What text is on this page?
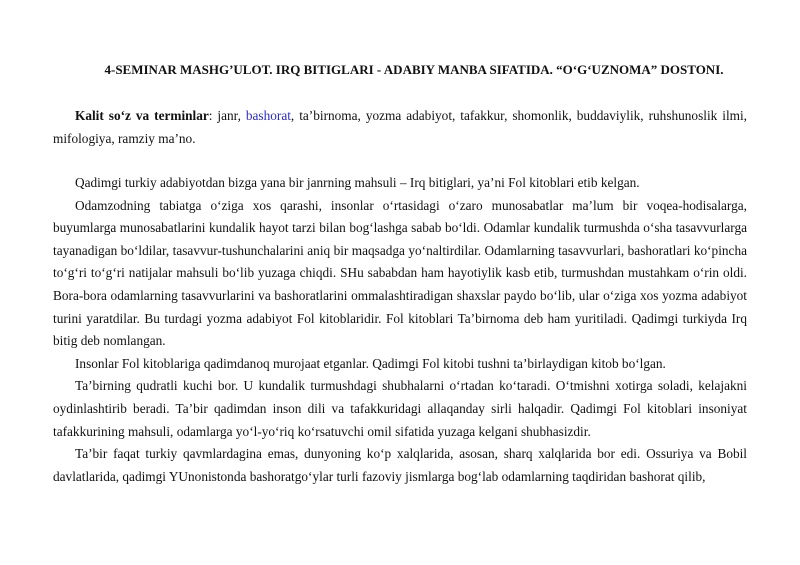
4-SEMINAR MASHG’ULOT. IRQ BITIGLARI - ADABIY MANBA SIFATIDA. “O‘G‘UZNOMA” DOSTONI.
Kalit so‘z va terminlar: janr, bashorat, ta’birnoma, yozma adabiyot, tafakkur, shomonlik, buddaviylik, ruhshunoslik ilmi, mifologiya, ramziy ma’no.

Qadimgi turkiy adabiyotdan bizga yana bir janrning mahsuli – Irq bitiglari, ya’ni Fol kitoblari etib kelgan.

Odamzodning tabiatga o‘ziga xos qarashi, insonlar o‘rtasidagi o‘zaro munosabatlar ma’lum bir voqea-hodisalarga, buyumlarga munosabatlarini kundalik hayot tarzi bilan bog‘lashga sabab bo‘ldi. Odamlar kundalik turmushda o‘sha tasavvurlarga tayanadigan bo‘ldilar, tasavvur-tushunchalarini aniq bir maqsadga yo‘naltirdilar. Odamlarning tasavvurlari, bashoratlari ko‘pincha to‘g‘ri to‘g‘ri natijalar mahsuli bo‘lib yuzaga chiqdi. SHu sababdan ham hayotiylik kasb etib, turmushdan mustahkam o‘rin oldi. Bora-bora odamlarning tasavvurlarini va bashoratlarini ommalashtiradigan shaxslar paydo bo‘lib, ular o‘ziga xos yozma adabiyot turini yaratdilar. Bu turdagi yozma adabiyot Fol kitoblaridir. Fol kitoblari Ta’birnoma deb ham yuritiladi. Qadimgi turkiyda Irq bitig deb nomlangan.

Insonlar Fol kitoblariga qadimdanoq murojaat etganlar. Qadimgi Fol kitobi tushni ta’birlaydigan kitob bo‘lgan.

Ta’birning qudratli kuchi bor. U kundalik turmushdagi shubhalarni o‘rtadan ko‘taradi. O‘tmishni xotirga soladi, kelajakni oydinlashtirib beradi. Ta’bir qadimdan inson dili va tafakkuridagi allaqanday sirli halqadir. Qadimgi Fol kitoblari insoniyat tafakkurining mahsuli, odamlarga yo‘l-yo‘riq ko‘rsatuvchi omil sifatida yuzaga kelgani shubhasizdir.

Ta’bir faqat turkiy qavmlardagina emas, dunyoning ko‘p xalqlarida, asosan, sharq xalqlarida bor edi. Ossuriya va Bobil davlatlarida, qadimgi YUnonistonda bashoratgo‘ylar turli fazoviy jismlarga bog‘lab odamlarning taqdiridan bashorat qilib,
